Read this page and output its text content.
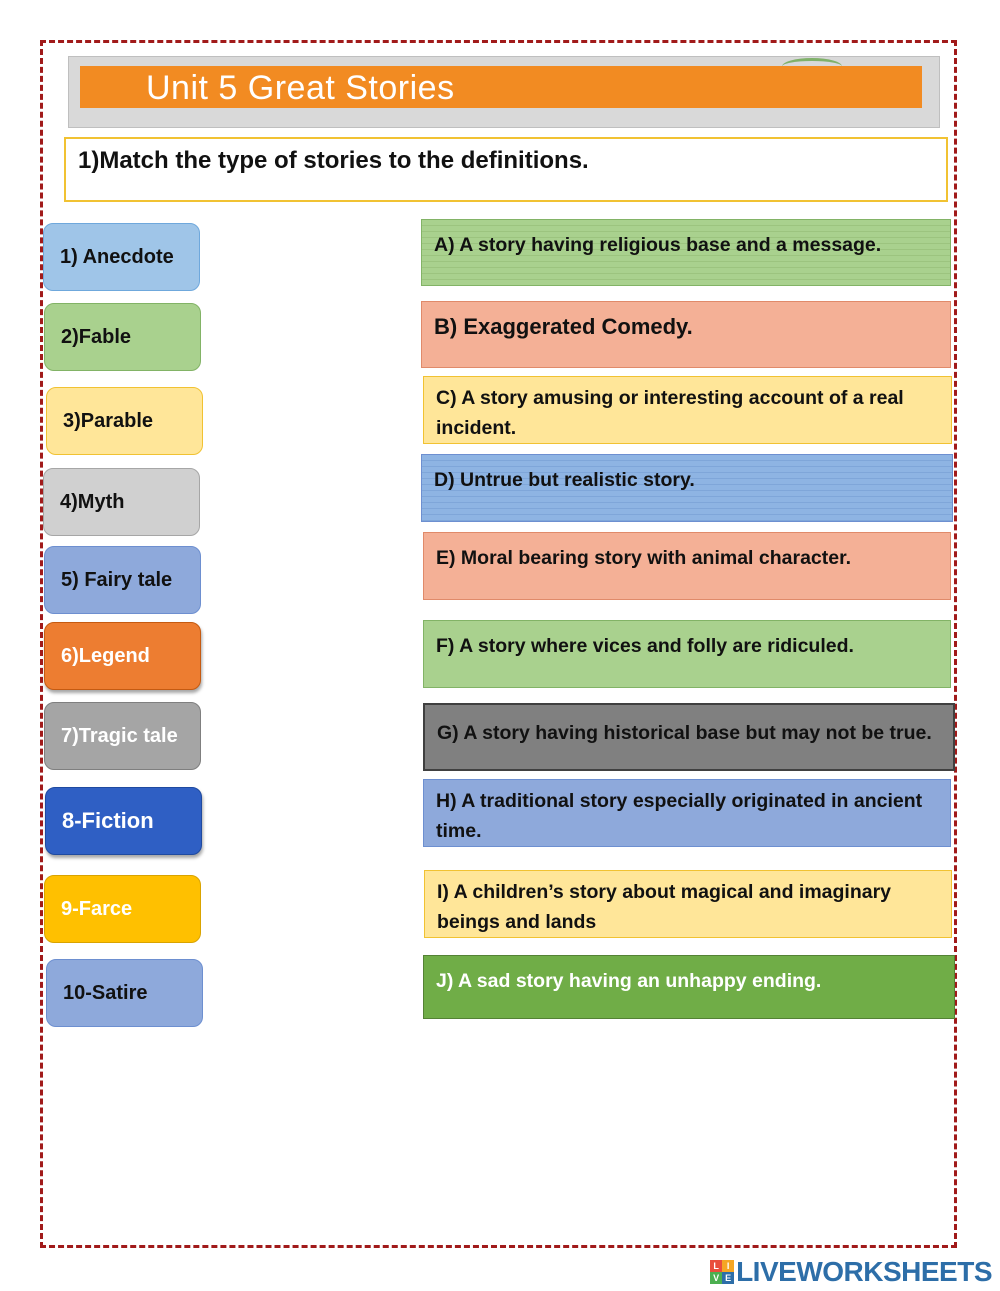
Unit 5 Great Stories
1)Match the type of stories to the definitions.
1) Anecdote
2)Fable
3)Parable
4)Myth
5) Fairy tale
6)Legend
7)Tragic tale
8-Fiction
9-Farce
10-Satire
A) A story having religious base and a message.
B) Exaggerated Comedy.
C) A story amusing or interesting account of a real incident.
D) Untrue but realistic story.
E) Moral bearing story with animal character.
F) A story where vices and folly are ridiculed.
G) A story having historical base but may not be true.
H) A traditional story especially originated in ancient time.
I) A children’s story about magical and imaginary beings and lands
J) A sad story having an unhappy ending.
L I
V E LIVEWORKSHEETS
